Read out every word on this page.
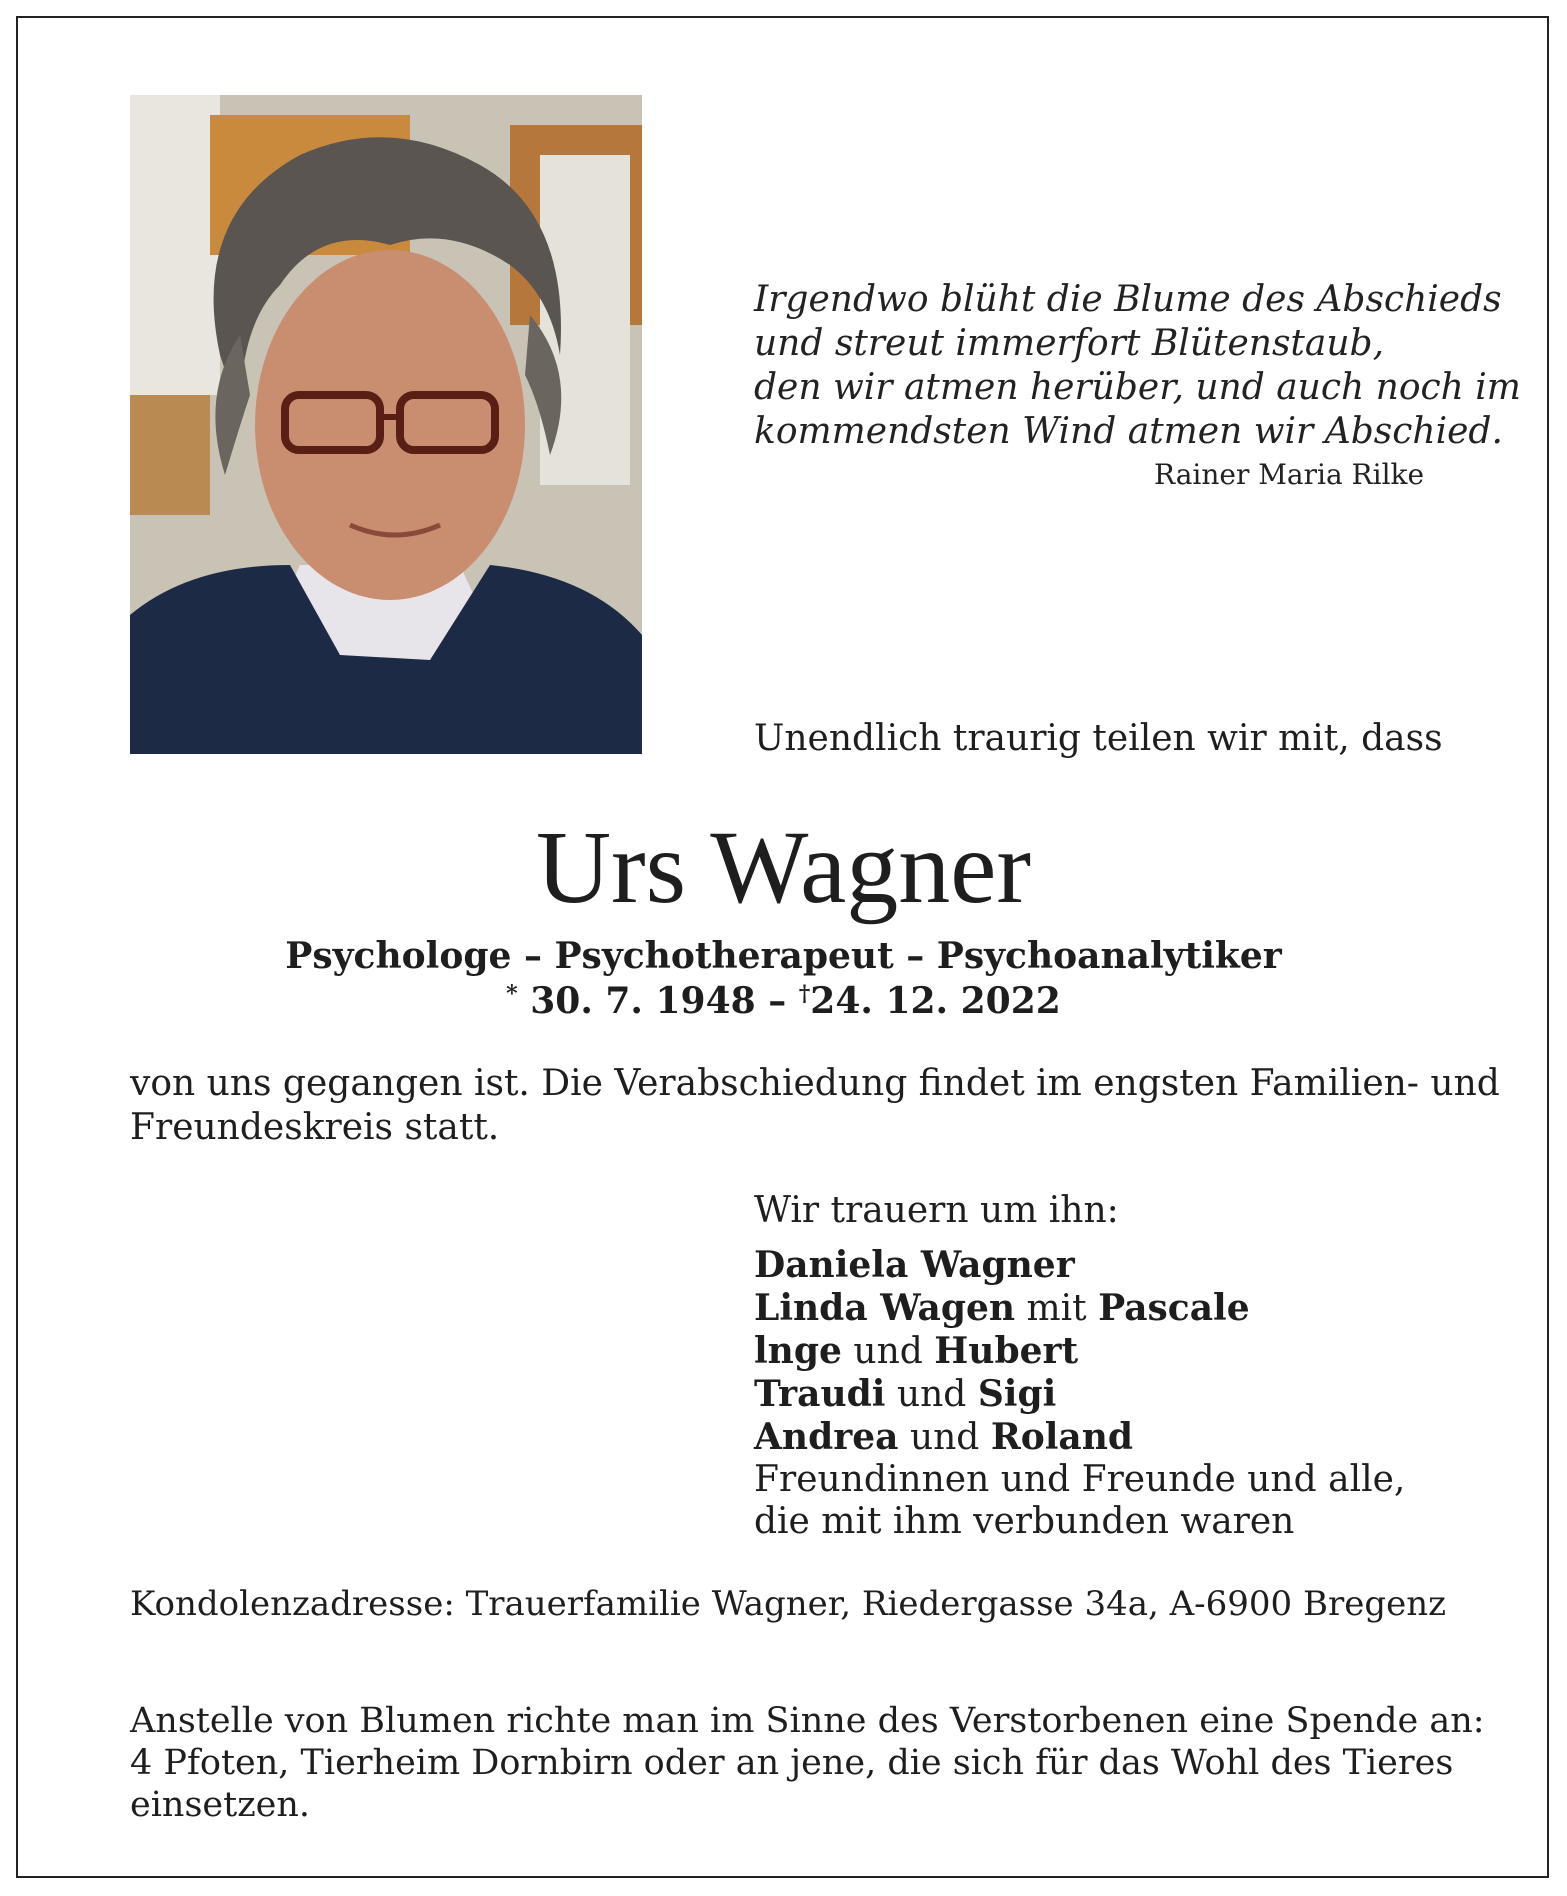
Irgendwo blüht die Blume des Abschieds
und streut immerfort Blütenstaub,
den wir atmen herüber, und auch noch im
kommendsten Wind atmen wir Abschied.
Rainer Maria Rilke
Unendlich traurig teilen wir mit, dass
Urs Wagner
Psychologe – Psychotherapeut – Psychoanalytiker
* 30. 7. 1948 – †24. 12. 2022
von uns gegangen ist. Die Verabschiedung findet im engsten Familien- und
Freundeskreis statt.
Wir trauern um ihn:
Daniela Wagner
Linda Wagen mit Pascale
lnge und Hubert
Traudi und Sigi
Andrea und Roland
Freundinnen und Freunde und alle,
die mit ihm verbunden waren
Kondolenzadresse: Trauerfamilie Wagner, Riedergasse 34a, A-6900 Bregenz
Anstelle von Blumen richte man im Sinne des Verstorbenen eine Spende an:
4 Pfoten, Tierheim Dornbirn oder an jene, die sich für das Wohl des Tieres
einsetzen.
